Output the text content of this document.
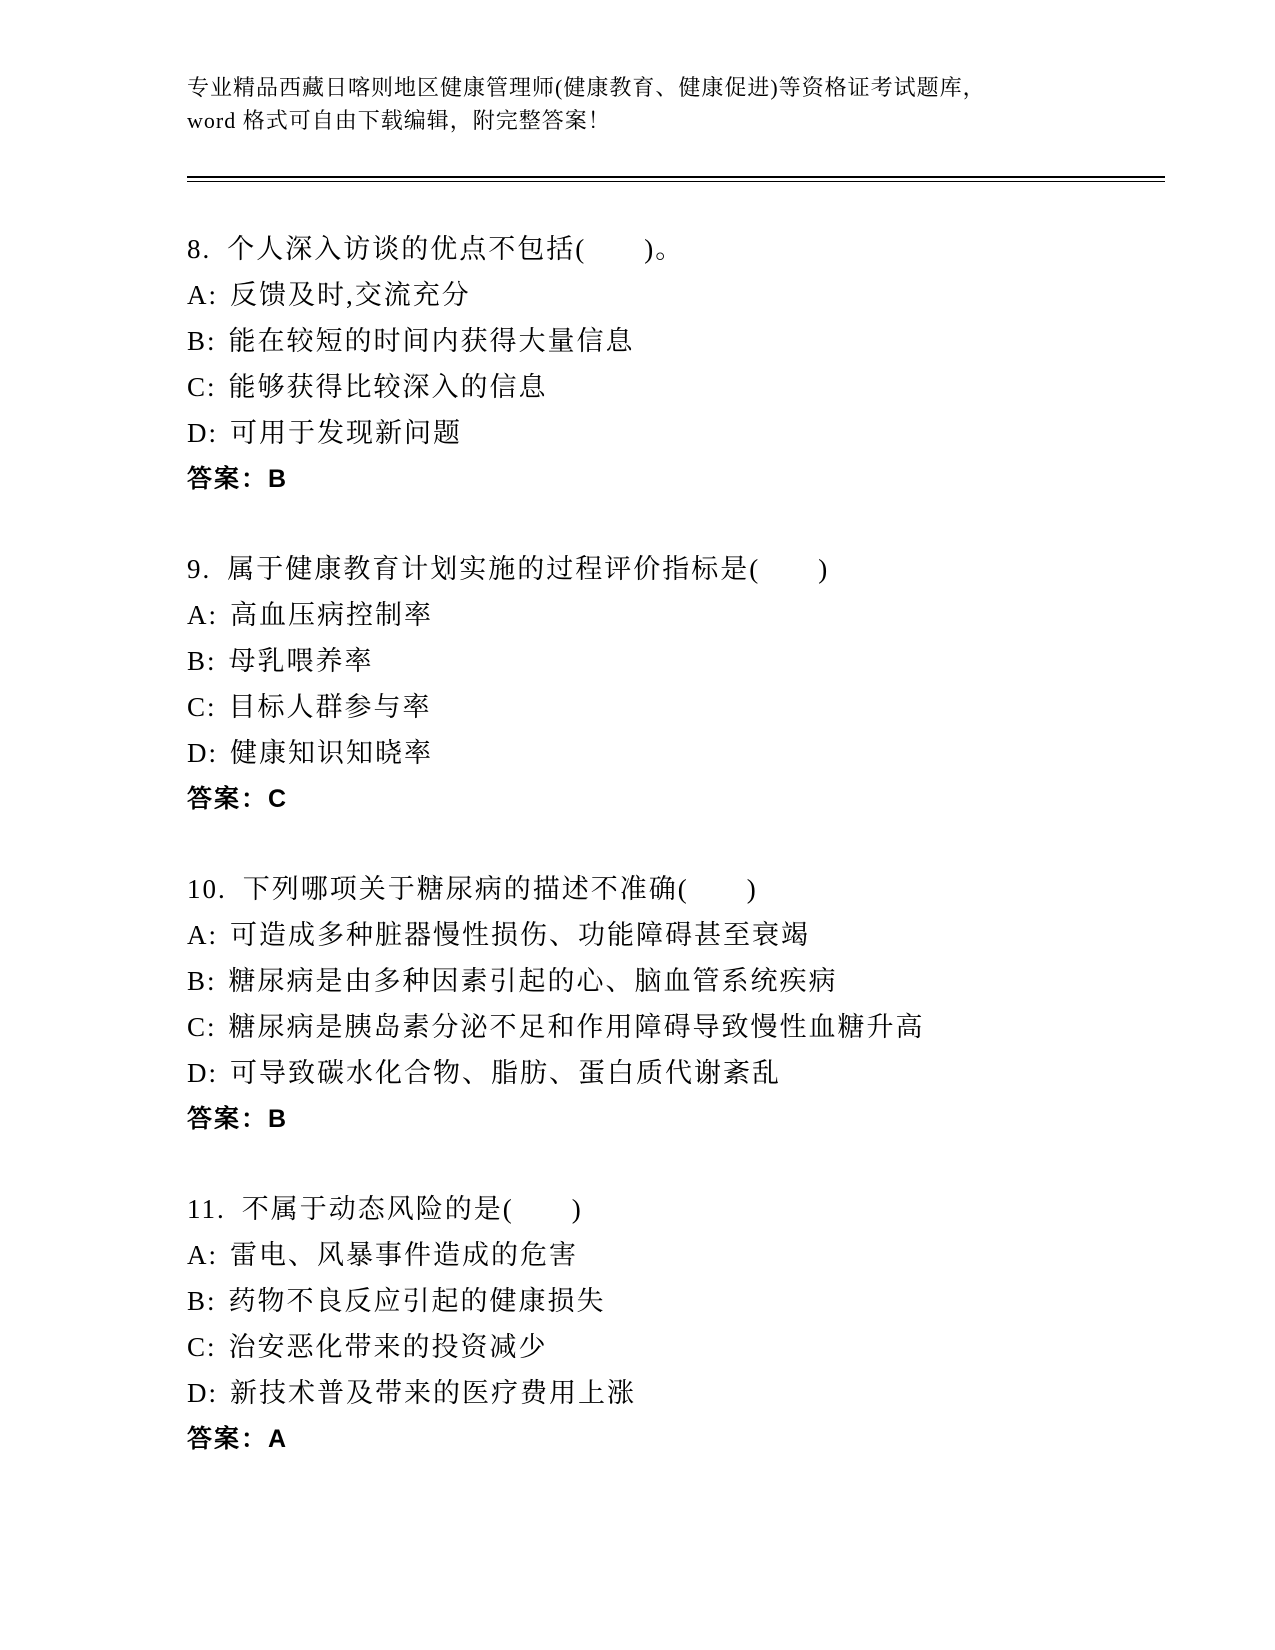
专业精品西藏日喀则地区健康管理师(健康教育、健康促进)等资格证考试题库，
word 格式可自由下载编辑，附完整答案！
8. 个人深入访谈的优点不包括(　　)。
A: 反馈及时,交流充分
B: 能在较短的时间内获得大量信息
C: 能够获得比较深入的信息
D: 可用于发现新问题
答案：B
9. 属于健康教育计划实施的过程评价指标是(　　)
A: 高血压病控制率
B: 母乳喂养率
C: 目标人群参与率
D: 健康知识知晓率
答案：C
10. 下列哪项关于糖尿病的描述不准确(　　)
A: 可造成多种脏器慢性损伤、功能障碍甚至衰竭
B: 糖尿病是由多种因素引起的心、脑血管系统疾病
C: 糖尿病是胰岛素分泌不足和作用障碍导致慢性血糖升高
D: 可导致碳水化合物、脂肪、蛋白质代谢紊乱
答案：B
11. 不属于动态风险的是(　　)
A: 雷电、风暴事件造成的危害
B: 药物不良反应引起的健康损失
C: 治安恶化带来的投资减少
D: 新技术普及带来的医疗费用上涨
答案：A
